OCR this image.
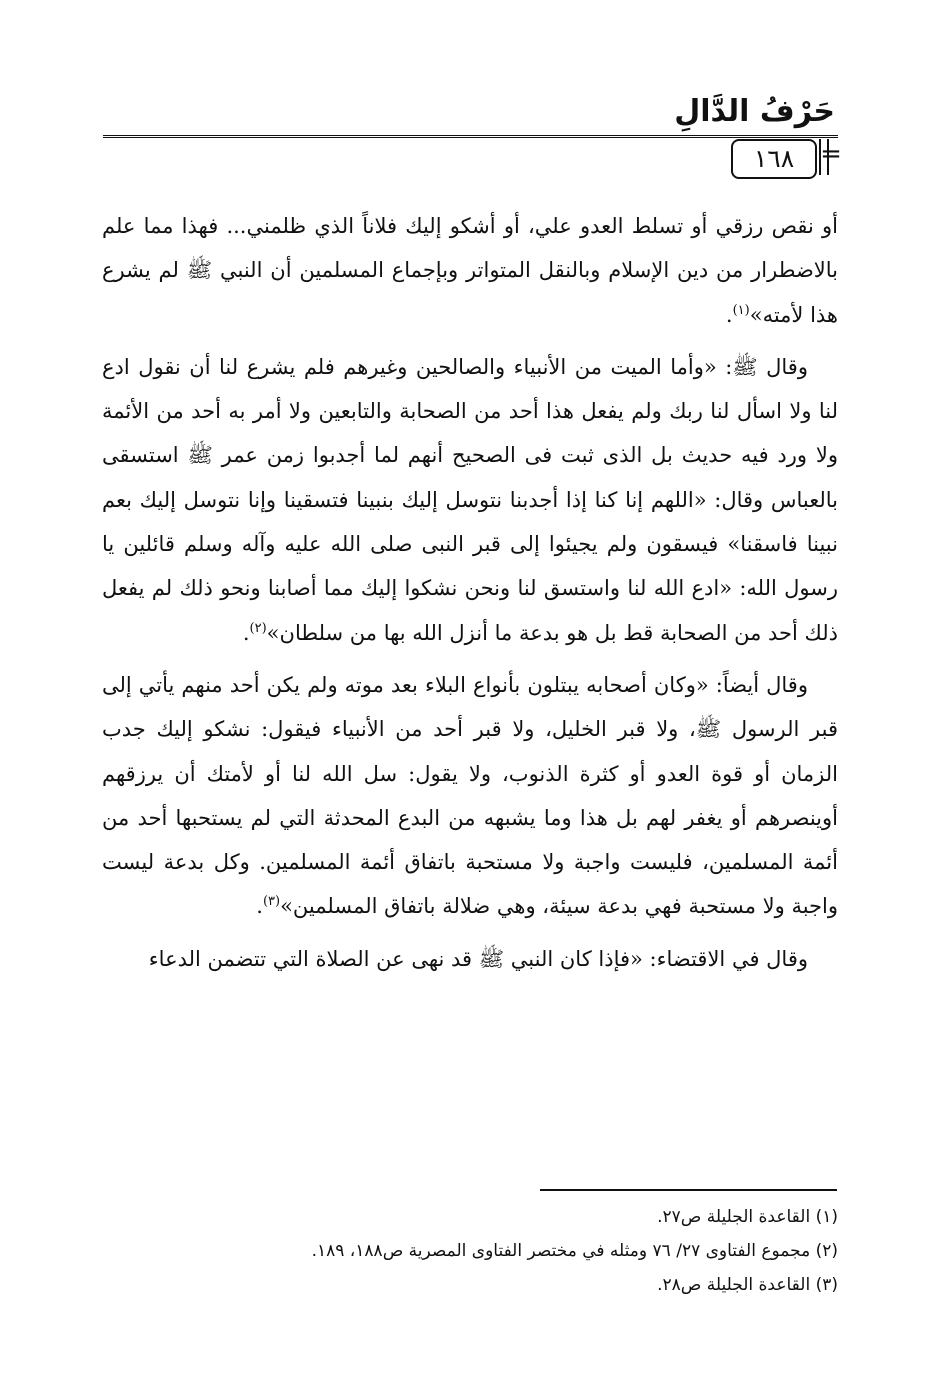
حَرْفُ الدَّالِ
=
١٦٨

أو نقص رزقي أو تسلط العدو علي، أو أشكو إليك فلاناً الذي ظلمني... فهذا مما علم بالاضطرار من دين الإسلام وبالنقل المتواتر وبإجماع المسلمين أن النبي ﷺ لم يشرع هذا لأمته»$^{(١)}$.

وقال ﷺ: «وأما الميت من الأنبياء والصالحين وغيرهم فلم يشرع لنا أن نقول ادع لنا ولا اسأل لنا ربك ولم يفعل هذا أحد من الصحابة والتابعين ولا أمر به أحد من الأئمة ولا ورد فيه حديث بل الذى ثبت فى الصحيح أنهم لما أجدبوا زمن عمر ﷺ استسقى بالعباس وقال: «اللهم إنا كنا إذا أجدبنا نتوسل إليك بنبينا فتسقينا وإنا نتوسل إليك بعم نبينا فاسقنا» فيسقون ولم يجيئوا إلى قبر النبى صلى الله عليه وآله وسلم قائلين يا رسول الله: «ادع الله لنا واستسق لنا ونحن نشكوا إليك مما أصابنا ونحو ذلك لم يفعل ذلك أحد من الصحابة قط بل هو بدعة ما أنزل الله بها من سلطان»$^{(٢)}$.

وقال أيضاً: «وكان أصحابه يبتلون بأنواع البلاء بعد موته ولم يكن أحد منهم يأتي إلى قبر الرسول ﷺ، ولا قبر الخليل، ولا قبر أحد من الأنبياء فيقول: نشكو إليك جدب الزمان أو قوة العدو أو كثرة الذنوب، ولا يقول: سل الله لنا أو لأمتك أن يرزقهم أوينصرهم أو يغفر لهم بل هذا وما يشبهه من البدع المحدثة التي لم يستحبها أحد من أئمة المسلمين، فليست واجبة ولا مستحبة باتفاق أئمة المسلمين. وكل بدعة ليست واجبة ولا مستحبة فهي بدعة سيئة، وهي ضلالة باتفاق المسلمين»$^{(٣)}$.

وقال في الاقتضاء: «فإذا كان النبي ﷺ قد نهى عن الصلاة التي تتضمن الدعاء

(١) القاعدة الجليلة ص٢٧.
(٢) مجموع الفتاوى ٢٧/ ٧٦ ومثله في مختصر الفتاوى المصرية ص١٨٨، ١٨٩.
(٣) القاعدة الجليلة ص٢٨.
